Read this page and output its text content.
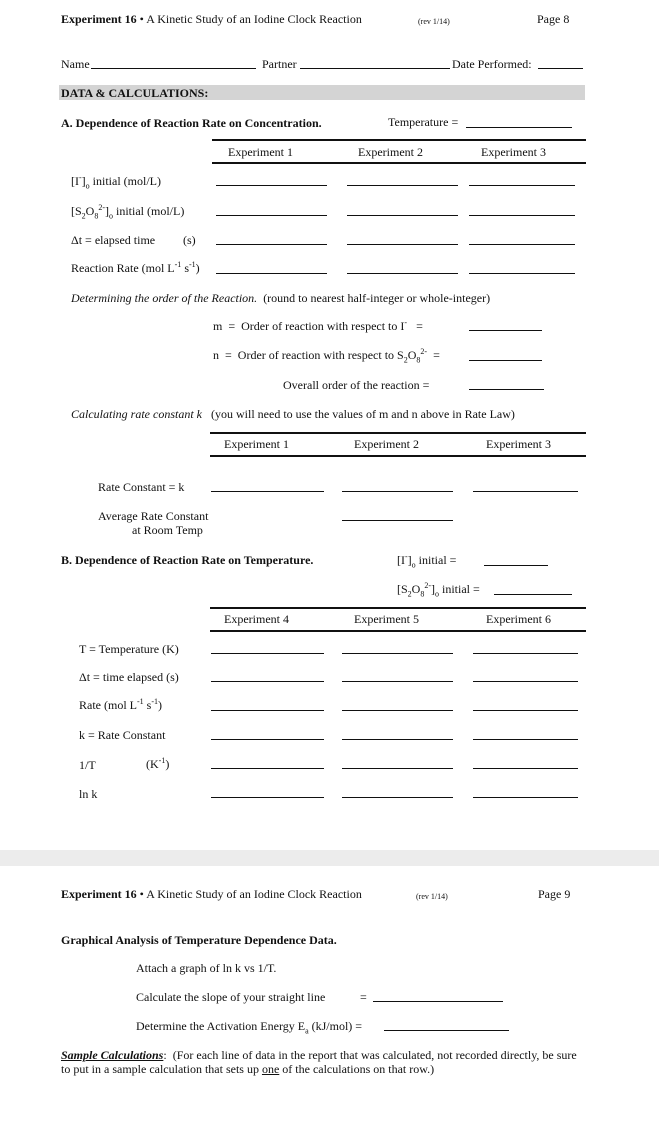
Experiment 16 • A Kinetic Study of an Iodine Clock Reaction	(rev 1/14)	Page 8
Name	Partner	Date Performed:
DATA & CALCULATIONS:
A. Dependence of Reaction Rate on Concentration.	Temperature =
Experiment 1	Experiment 2	Experiment 3
$[I^-]_o$ initial (mol/L)
$[S_2O_8^{2-}]_o$ initial (mol/L)
Δt = elapsed time (s)
Reaction Rate (mol $L^{-1}$ $s^{-1}$)
Determining the order of the Reaction. (round to nearest half-integer or whole-integer)
m = Order of reaction with respect to I- =
n = Order of reaction with respect to $S_2O_8^{2-}$ =
Overall order of the reaction =
Calculating rate constant k (you will need to use the values of m and n above in Rate Law)
Experiment 1	Experiment 2	Experiment 3
Rate Constant = k
Average Rate Constant
at Room Temp
B. Dependence of Reaction Rate on Temperature.	$[I^-]_o$ initial =
$[S_2O_8^{2-}]_o$ initial =
Experiment 4	Experiment 5	Experiment 6
T = Temperature (K)
Δt = time elapsed (s)
Rate (mol $L^{-1}$ $s^{-1}$)
k = Rate Constant
1/T	$(K^{-1})$
ln k
Experiment 16 • A Kinetic Study of an Iodine Clock Reaction	(rev 1/14)	Page 9
Graphical Analysis of Temperature Dependence Data.
Attach a graph of ln k vs 1/T.
Calculate the slope of your straight line	=
Determine the Activation Energy $E_a$ (kJ/mol) =
Sample Calculations: (For each line of data in the report that was calculated, not recorded directly, be sure
to put in a sample calculation that sets up one of the calculations on that row.)
